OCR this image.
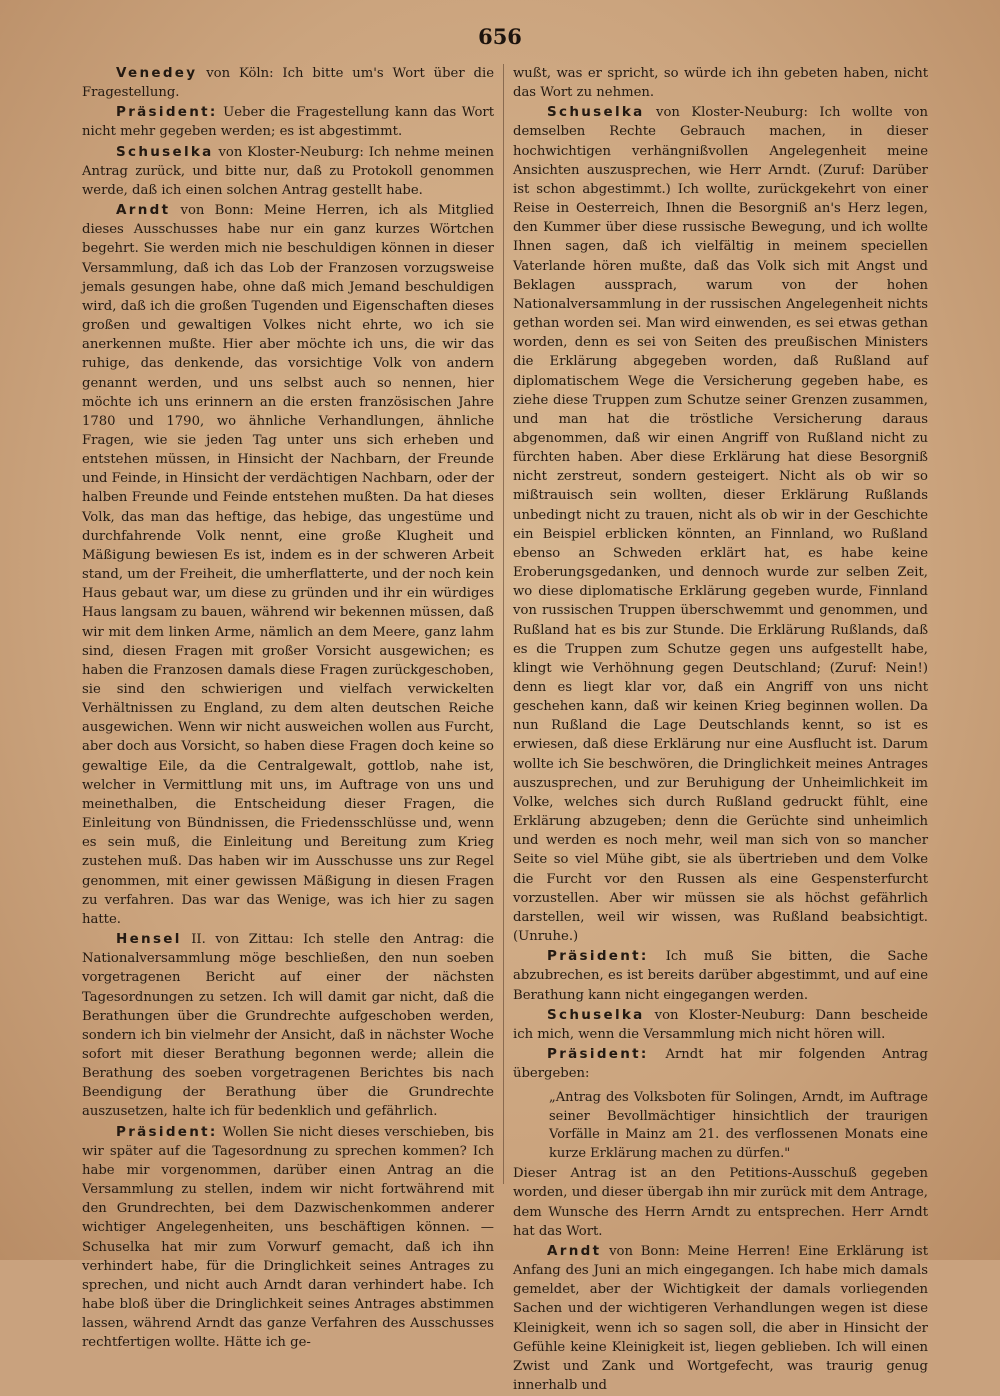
656

Venedey von Köln: Ich bitte um's Wort über die Fragestellung.

Präsident: Ueber die Fragestellung kann das Wort nicht mehr gegeben werden; es ist abgestimmt.

Schuselka von Kloster-Neuburg: Ich nehme meinen Antrag zurück, und bitte nur, daß zu Protokoll genommen werde, daß ich einen solchen Antrag gestellt habe.

Arndt von Bonn: Meine Herren, ich als Mitglied dieses Ausschusses habe nur ein ganz kurzes Wörtchen begehrt. Sie werden mich nie beschuldigen können in dieser Versammlung, daß ich das Lob der Franzosen vorzugsweise jemals gesungen habe, ohne daß mich Jemand beschuldigen wird, daß ich die großen Tugenden und Eigenschaften dieses großen und gewaltigen Volkes nicht ehrte, wo ich sie anerkennen mußte. Hier aber möchte ich uns, die wir das ruhige, das denkende, das vorsichtige Volk von andern genannt werden, und uns selbst auch so nennen, hier möchte ich uns erinnern an die ersten französischen Jahre 1780 und 1790, wo ähnliche Verhandlungen, ähnliche Fragen, wie sie jeden Tag unter uns sich erheben und entstehen müssen, in Hinsicht der Nachbarn, der Freunde und Feinde, in Hinsicht der verdächtigen Nachbarn, oder der halben Freunde und Feinde entstehen mußten. Da hat dieses Volk, das man das heftige, das hebige, das ungestüme und durchfahrende Volk nennt, eine große Klugheit und Mäßigung bewiesen Es ist, indem es in der schweren Arbeit stand, um der Freiheit, die umherflatterte, und der noch kein Haus gebaut war, um diese zu gründen und ihr ein würdiges Haus langsam zu bauen, während wir bekennen müssen, daß wir mit dem linken Arme, nämlich an dem Meere, ganz lahm sind, diesen Fragen mit großer Vorsicht ausgewichen; es haben die Franzosen damals diese Fragen zurückgeschoben, sie sind den schwierigen und vielfach verwickelten Verhältnissen zu England, zu dem alten deutschen Reiche ausgewichen. Wenn wir nicht ausweichen wollen aus Furcht, aber doch aus Vorsicht, so haben diese Fragen doch keine so gewaltige Eile, da die Centralgewalt, gottlob, nahe ist, welcher in Vermittlung mit uns, im Auftrage von uns und meinethalben, die Entscheidung dieser Fragen, die Einleitung von Bündnissen, die Friedensschlüsse und, wenn es sein muß, die Einleitung und Bereitung zum Krieg zustehen muß. Das haben wir im Ausschusse uns zur Regel genommen, mit einer gewissen Mäßigung in diesen Fragen zu verfahren. Das war das Wenige, was ich hier zu sagen hatte.

Hensel II. von Zittau: Ich stelle den Antrag: die Nationalversammlung möge beschließen, den nun soeben vorgetragenen Bericht auf einer der nächsten Tagesordnungen zu setzen. Ich will damit gar nicht, daß die Berathungen über die Grundrechte aufgeschoben werden, sondern ich bin vielmehr der Ansicht, daß in nächster Woche sofort mit dieser Berathung begonnen werde; allein die Berathung des soeben vorgetragenen Berichtes bis nach Beendigung der Berathung über die Grundrechte auszusetzen, halte ich für bedenklich und gefährlich.

Präsident: Wollen Sie nicht dieses verschieben, bis wir später auf die Tagesordnung zu sprechen kommen? Ich habe mir vorgenommen, darüber einen Antrag an die Versammlung zu stellen, indem wir nicht fortwährend mit den Grundrechten, bei dem Dazwischenkommen anderer wichtiger Angelegenheiten, uns beschäftigen können. — Schuselka hat mir zum Vorwurf gemacht, daß ich ihn verhindert habe, für die Dringlichkeit seines Antrages zu sprechen, und nicht auch Arndt daran verhindert habe. Ich habe bloß über die Dringlichkeit seines Antrages abstimmen lassen, während Arndt das ganze Verfahren des Ausschusses rechtfertigen wollte. Hätte ich ge-

wußt, was er spricht, so würde ich ihn gebeten haben, nicht das Wort zu nehmen.

Schuselka von Kloster-Neuburg: Ich wollte von demselben Rechte Gebrauch machen, in dieser hochwichtigen verhängnißvollen Angelegenheit meine Ansichten auszusprechen, wie Herr Arndt. (Zuruf: Darüber ist schon abgestimmt.) Ich wollte, zurückgekehrt von einer Reise in Oesterreich, Ihnen die Besorgniß an's Herz legen, den Kummer über diese russische Bewegung, und ich wollte Ihnen sagen, daß ich vielfältig in meinem speciellen Vaterlande hören mußte, daß das Volk sich mit Angst und Beklagen aussprach, warum von der hohen Nationalversammlung in der russischen Angelegenheit nichts gethan worden sei. Man wird einwenden, es sei etwas gethan worden, denn es sei von Seiten des preußischen Ministers die Erklärung abgegeben worden, daß Rußland auf diplomatischem Wege die Versicherung gegeben habe, es ziehe diese Truppen zum Schutze seiner Grenzen zusammen, und man hat die tröstliche Versicherung daraus abgenommen, daß wir einen Angriff von Rußland nicht zu fürchten haben. Aber diese Erklärung hat diese Besorgniß nicht zerstreut, sondern gesteigert. Nicht als ob wir so mißtrauisch sein wollten, dieser Erklärung Rußlands unbedingt nicht zu trauen, nicht als ob wir in der Geschichte ein Beispiel erblicken könnten, an Finnland, wo Rußland ebenso an Schweden erklärt hat, es habe keine Eroberungsgedanken, und dennoch wurde zur selben Zeit, wo diese diplomatische Erklärung gegeben wurde, Finnland von russischen Truppen überschwemmt und genommen, und Rußland hat es bis zur Stunde. Die Erklärung Rußlands, daß es die Truppen zum Schutze gegen uns aufgestellt habe, klingt wie Verhöhnung gegen Deutschland; (Zuruf: Nein!) denn es liegt klar vor, daß ein Angriff von uns nicht geschehen kann, daß wir keinen Krieg beginnen wollen. Da nun Rußland die Lage Deutschlands kennt, so ist es erwiesen, daß diese Erklärung nur eine Ausflucht ist. Darum wollte ich Sie beschwören, die Dringlichkeit meines Antrages auszusprechen, und zur Beruhigung der Unheimlichkeit im Volke, welches sich durch Rußland gedruckt fühlt, eine Erklärung abzugeben; denn die Gerüchte sind unheimlich und werden es noch mehr, weil man sich von so mancher Seite so viel Mühe gibt, sie als übertrieben und dem Volke die Furcht vor den Russen als eine Gespensterfurcht vorzustellen. Aber wir müssen sie als höchst gefährlich darstellen, weil wir wissen, was Rußland beabsichtigt. (Unruhe.)

Präsident: Ich muß Sie bitten, die Sache abzubrechen, es ist bereits darüber abgestimmt, und auf eine Berathung kann nicht eingegangen werden.

Schuselka von Kloster-Neuburg: Dann bescheide ich mich, wenn die Versammlung mich nicht hören will.

Präsident: Arndt hat mir folgenden Antrag übergeben:

„Antrag des Volksboten für Solingen, Arndt, im Auftrage seiner Bevollmächtiger hinsichtlich der traurigen Vorfälle in Mainz am 21. des verflossenen Monats eine kurze Erklärung machen zu dürfen."

Dieser Antrag ist an den Petitions-Ausschuß gegeben worden, und dieser übergab ihn mir zurück mit dem Antrage, dem Wunsche des Herrn Arndt zu entsprechen. Herr Arndt hat das Wort.

Arndt von Bonn: Meine Herren! Eine Erklärung ist Anfang des Juni an mich eingegangen. Ich habe mich damals gemeldet, aber der Wichtigkeit der damals vorliegenden Sachen und der wichtigeren Verhandlungen wegen ist diese Kleinigkeit, wenn ich so sagen soll, die aber in Hinsicht der Gefühle keine Kleinigkeit ist, liegen geblieben. Ich will einen Zwist und Zank und Wortgefecht, was traurig genug innerhalb und
